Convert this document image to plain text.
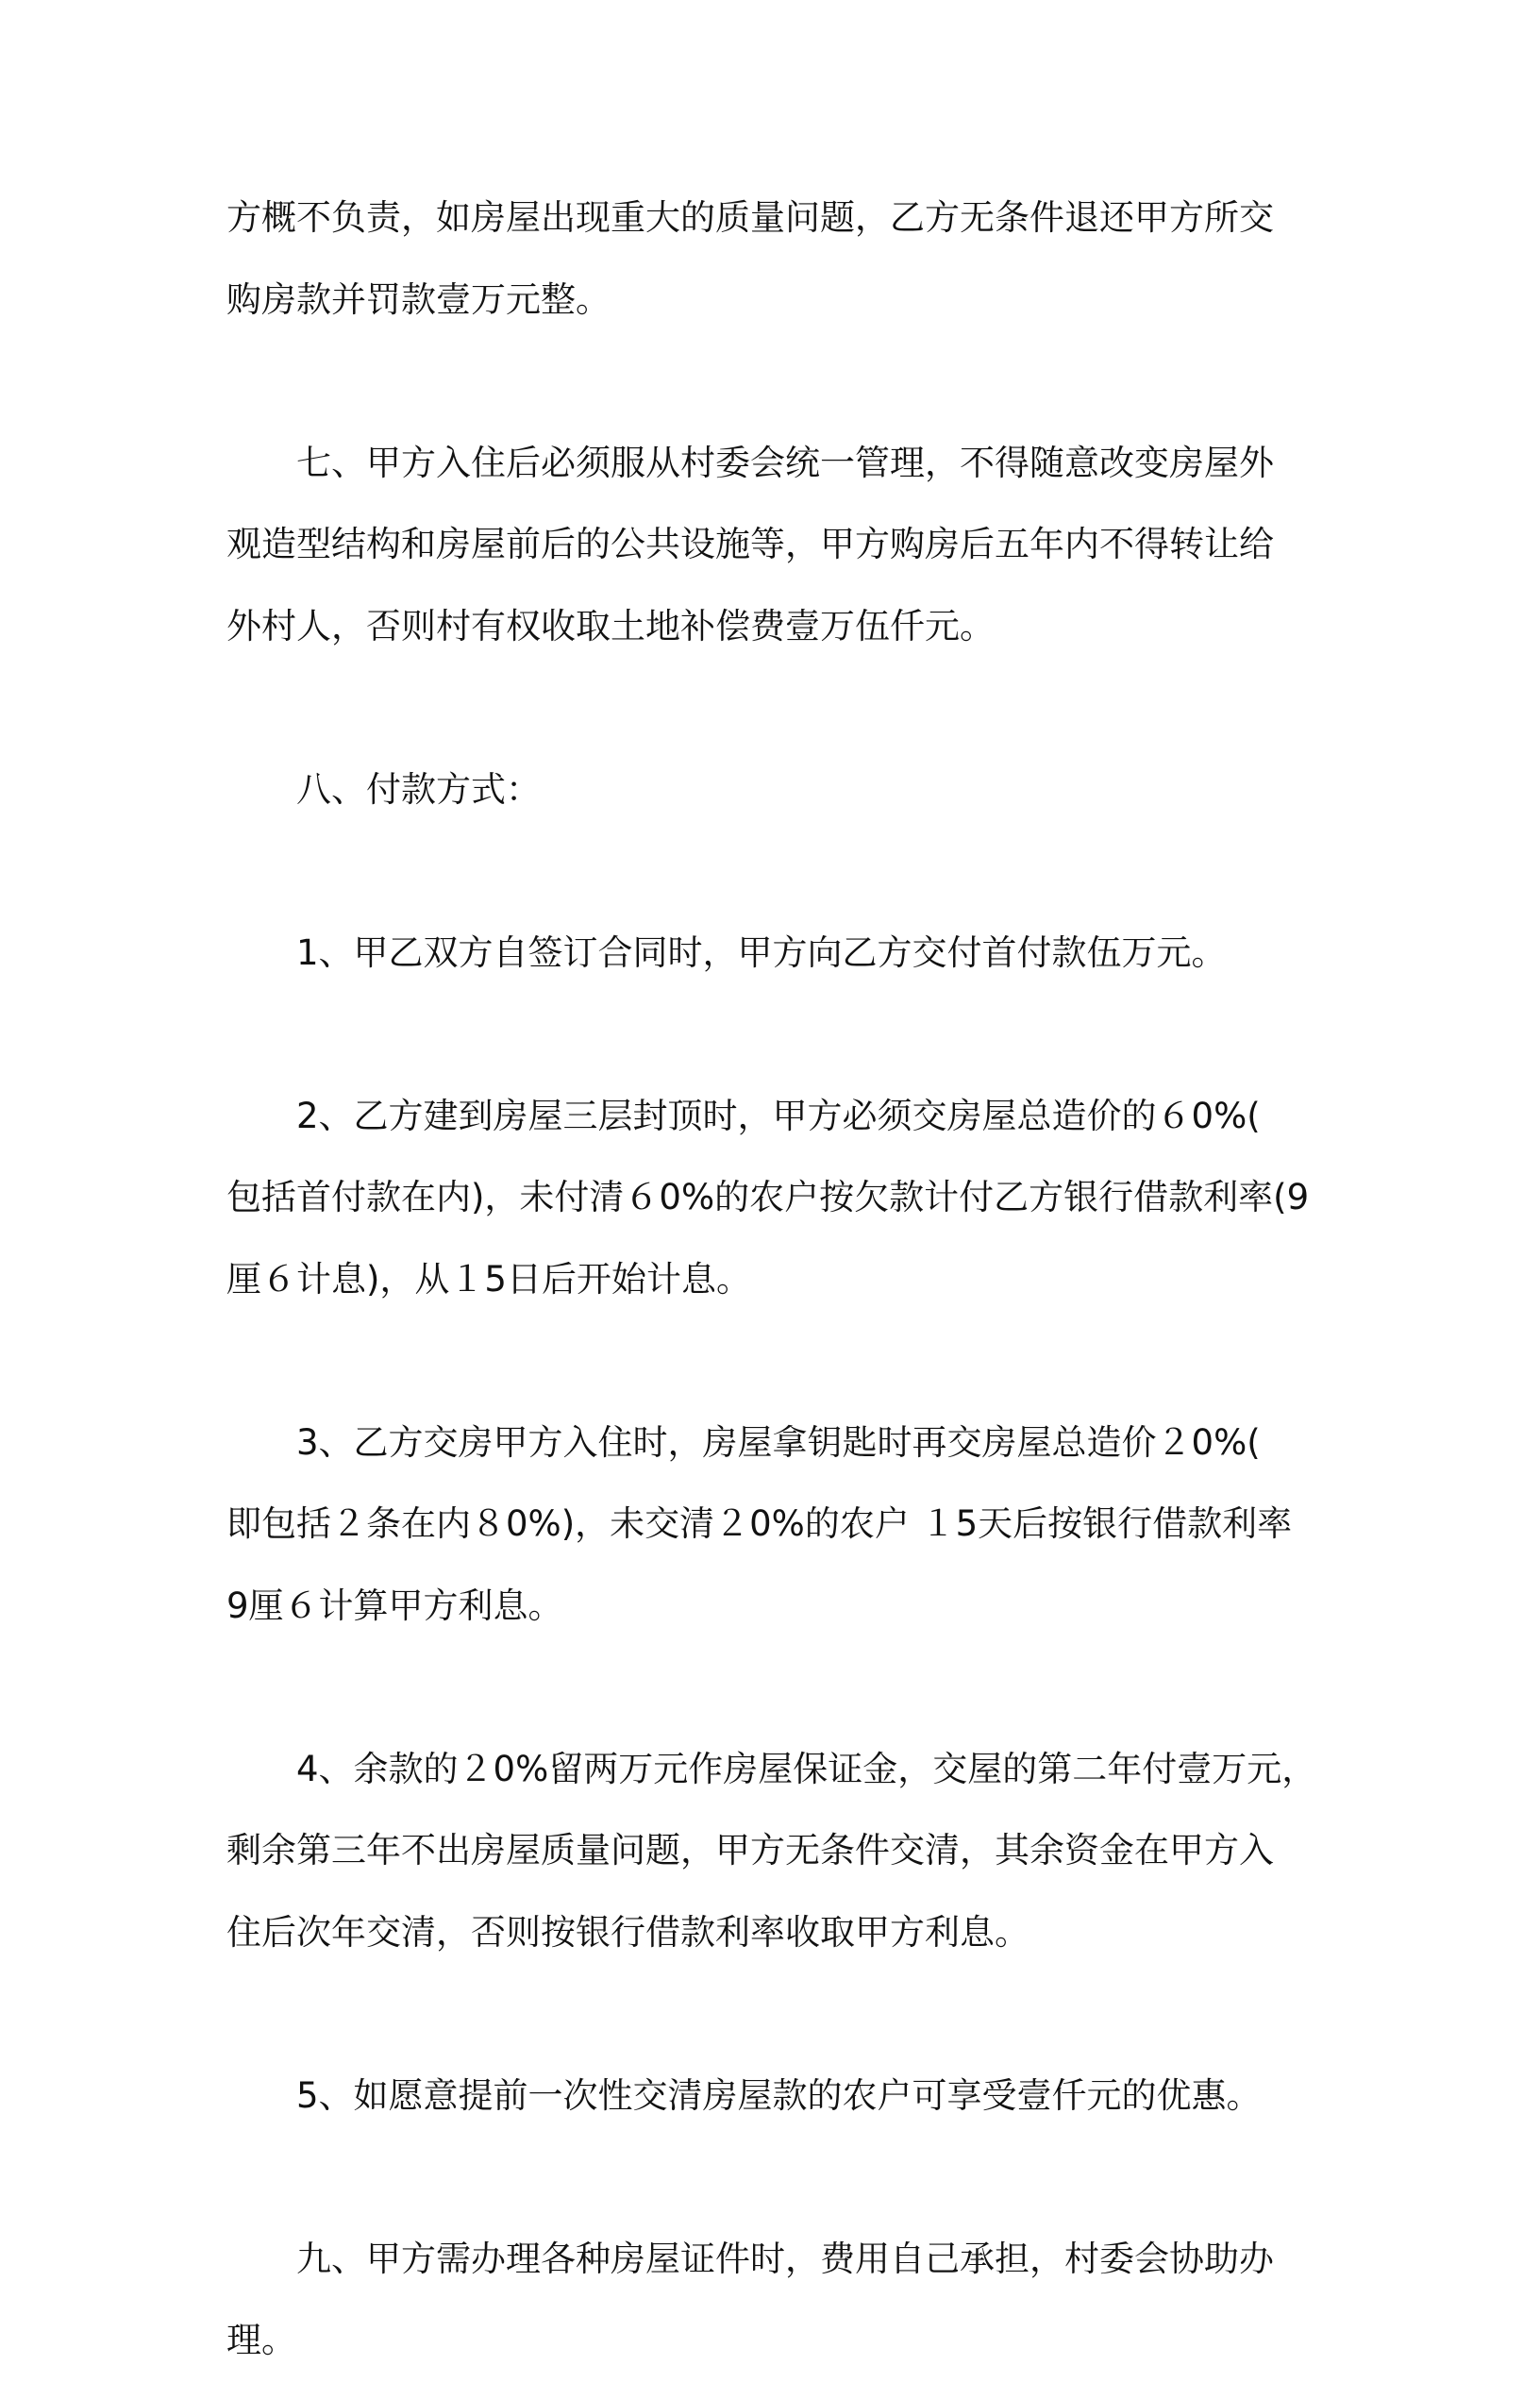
方概不负责，如房屋出现重大的质量问题，乙方无条件退还甲方所交

购房款并罚款壹万元整。

　　七、甲方入住后必须服从村委会统一管理，不得随意改变房屋外

观造型结构和房屋前后的公共设施等，甲方购房后五年内不得转让给

外村人，否则村有权收取土地补偿费壹万伍仟元。

　　八、付款方式：

　　1、甲乙双方自签订合同时，甲方向乙方交付首付款伍万元。

　　2、乙方建到房屋三层封顶时，甲方必须交房屋总造价的６0%(

包括首付款在内)，未付清６0%的农户按欠款计付乙方银行借款利率(9

厘６计息)，从１5日后开始计息。

　　3、乙方交房甲方入住时，房屋拿钥匙时再交房屋总造价２0%(

即包括２条在内８0%)，未交清２0%的农户 １5天后按银行借款利率

9厘６计算甲方利息。

　　4、余款的２0%留两万元作房屋保证金，交屋的第二年付壹万元，

剩余第三年不出房屋质量问题，甲方无条件交清，其余资金在甲方入

住后次年交清，否则按银行借款利率收取甲方利息。

　　5、如愿意提前一次性交清房屋款的农户可享受壹仟元的优惠。

　　九、甲方需办理各种房屋证件时，费用自己承担，村委会协助办

理。
